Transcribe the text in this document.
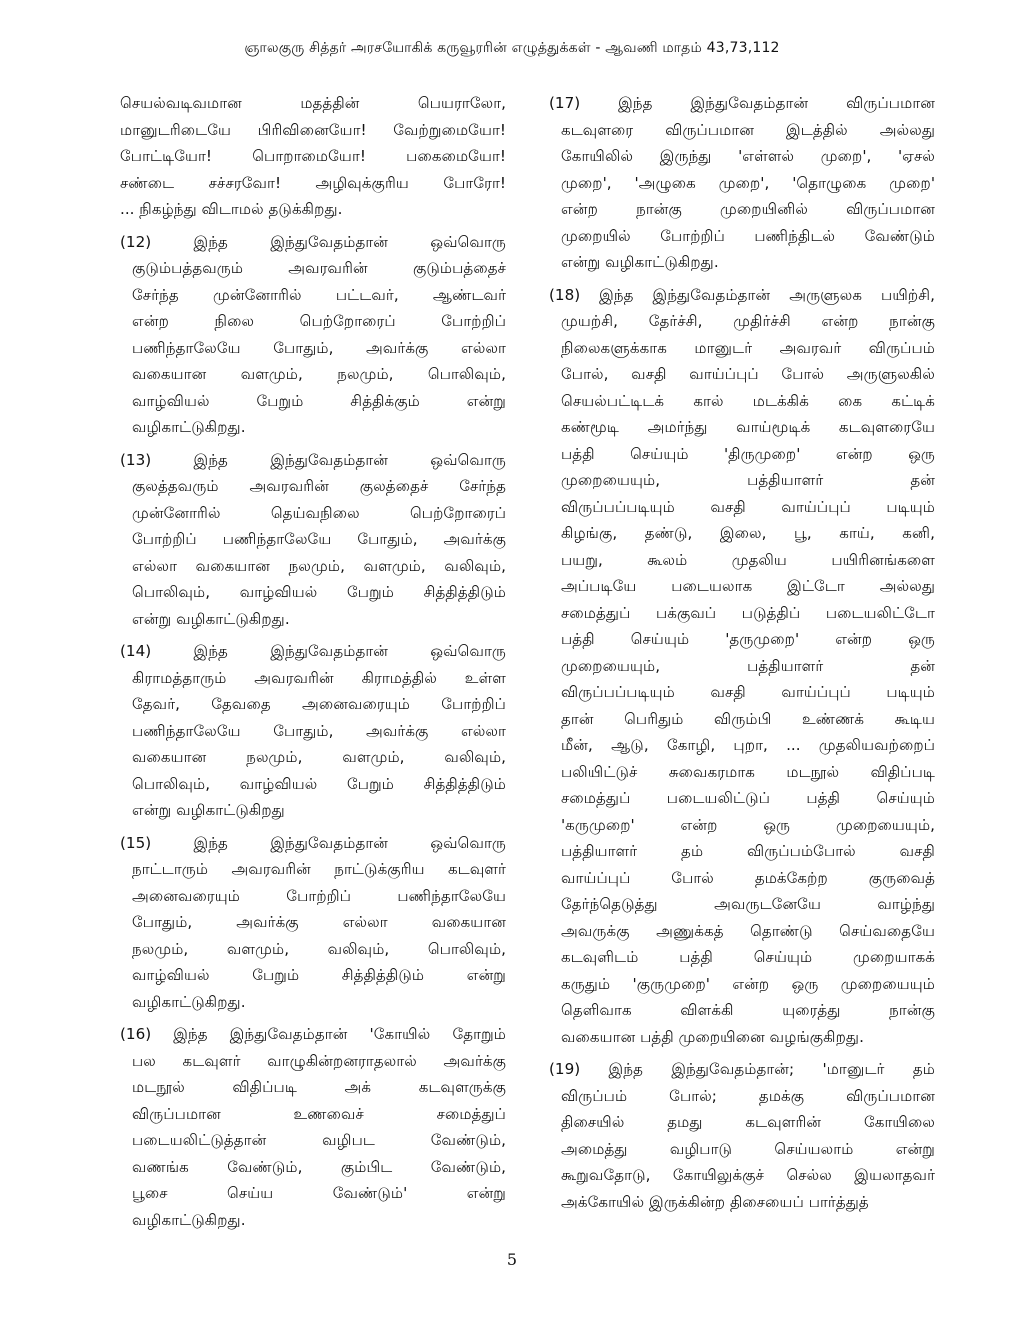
ஞாலகுரு சித்தர் அரசயோகிக் கருவூரரின் எழுத்துக்கள் - ஆவணி மாதம் 43,73,112
செயல்வடிவமான மதத்தின் பெயராலோ,
மானுடரிடையே பிரிவினையோ! வேற்றுமையோ!
போட்டியோ! பொறாமையோ! பகைமையோ!
சண்டை சச்சரவோ! அழிவுக்குரிய போரோ!
... நிகழ்ந்து விடாமல் தடுக்கிறது.
(12) இந்த இந்துவேதம்தான் ஒவ்வொரு
குடும்பத்தவரும் அவரவரின் குடும்பத்தைச்
சேர்ந்த முன்னோரில் பட்டவர், ஆண்டவர்
என்ற நிலை பெற்றோரைப் போற்றிப்
பணிந்தாலேயே போதும், அவர்க்கு எல்லா
வகையான வளமும், நலமும், பொலிவும்,
வாழ்வியல் பேறும் சித்திக்கும் என்று
வழிகாட்டுகிறது.
(13) இந்த இந்துவேதம்தான் ஒவ்வொரு
குலத்தவரும் அவரவரின் குலத்தைச் சேர்ந்த
முன்னோரில் தெய்வநிலை பெற்றோரைப்
போற்றிப் பணிந்தாலேயே போதும், அவர்க்கு
எல்லா வகையான நலமும், வளமும், வலிவும்,
பொலிவும், வாழ்வியல் பேறும் சித்தித்திடும்
என்று வழிகாட்டுகிறது.
(14) இந்த இந்துவேதம்தான் ஒவ்வொரு
கிராமத்தாரும் அவரவரின் கிராமத்தில் உள்ள
தேவர், தேவதை அனைவரையும் போற்றிப்
பணிந்தாலேயே போதும், அவர்க்கு எல்லா
வகையான நலமும், வளமும், வலிவும்,
பொலிவும், வாழ்வியல் பேறும் சித்தித்திடும்
என்று வழிகாட்டுகிறது
(15) இந்த இந்துவேதம்தான் ஒவ்வொரு
நாட்டாரும் அவரவரின் நாட்டுக்குரிய கடவுளர்
அனைவரையும் போற்றிப் பணிந்தாலேயே
போதும், அவர்க்கு எல்லா வகையான
நலமும், வளமும், வலிவும், பொலிவும்,
வாழ்வியல் பேறும் சித்தித்திடும் என்று
வழிகாட்டுகிறது.
(16) இந்த இந்துவேதம்தான் 'கோயில் தோறும்
பல கடவுளர் வாழுகின்றனராதலால் அவர்க்கு
மடநூல் விதிப்படி அக் கடவுளருக்கு
விருப்பமான உணவைச் சமைத்துப்
படையலிட்டுத்தான் வழிபட வேண்டும்,
வணங்க வேண்டும், கும்பிட வேண்டும்,
பூசை செய்ய வேண்டும்' என்று
வழிகாட்டுகிறது.
(17) இந்த இந்துவேதம்தான் விருப்பமான
கடவுளரை விருப்பமான இடத்தில் அல்லது
கோயிலில் இருந்து 'எள்ளல் முறை', 'ஏசல்
முறை', 'அழுகை முறை', 'தொழுகை முறை'
என்ற நான்கு முறையினில் விருப்பமான
முறையில் போற்றிப் பணிந்திடல் வேண்டும்
என்று வழிகாட்டுகிறது.
(18) இந்த இந்துவேதம்தான் அருளுலக பயிற்சி,
முயற்சி, தேர்ச்சி, முதிர்ச்சி என்ற நான்கு
நிலைகளுக்காக மானுடர் அவரவர் விருப்பம்
போல், வசதி வாய்ப்புப் போல் அருளுலகில்
செயல்பட்டிடக் கால் மடக்கிக் கை கட்டிக்
கண்மூடி அமர்ந்து வாய்மூடிக் கடவுளரையே
பத்தி செய்யும் 'திருமுறை' என்ற ஒரு
முறையையும், பத்தியாளர் தன்
விருப்பப்படியும் வசதி வாய்ப்புப் படியும்
கிழங்கு, தண்டு, இலை, பூ, காய், கனி,
பயறு, கூலம் முதலிய பயிரினங்களை
அப்படியே படையலாக இட்டோ அல்லது
சமைத்துப் பக்குவப் படுத்திப் படையலிட்டோ
பத்தி செய்யும் 'தருமுறை' என்ற ஒரு
முறையையும், பத்தியாளர் தன்
விருப்பப்படியும் வசதி வாய்ப்புப் படியும்
தான் பெரிதும் விரும்பி உண்ணக் கூடிய
மீன், ஆடு, கோழி, புறா, ... முதலியவற்றைப்
பலியிட்டுச் சுவைகரமாக மடநூல் விதிப்படி
சமைத்துப் படையலிட்டுப் பத்தி செய்யும்
'கருமுறை' என்ற ஒரு முறையையும்,
பத்தியாளர் தம் விருப்பம்போல் வசதி
வாய்ப்புப் போல் தமக்கேற்ற குருவைத்
தேர்ந்தெடுத்து அவருடனேயே வாழ்ந்து
அவருக்கு அணுக்கத் தொண்டு செய்வதையே
கடவுளிடம் பத்தி செய்யும் முறையாகக்
கருதும் 'குருமுறை' என்ற ஒரு முறையையும்
தெளிவாக விளக்கி யுரைத்து நான்கு
வகையான பத்தி முறையினை வழங்குகிறது.
(19) இந்த இந்துவேதம்தான்; 'மானுடர் தம்
விருப்பம் போல்; தமக்கு விருப்பமான
திசையில் தமது கடவுளரின் கோயிலை
அமைத்து வழிபாடு செய்யலாம் என்று
கூறுவதோடு, கோயிலுக்குச் செல்ல இயலாதவர்
அக்கோயில் இருக்கின்ற திசையைப் பார்த்துத்
5
